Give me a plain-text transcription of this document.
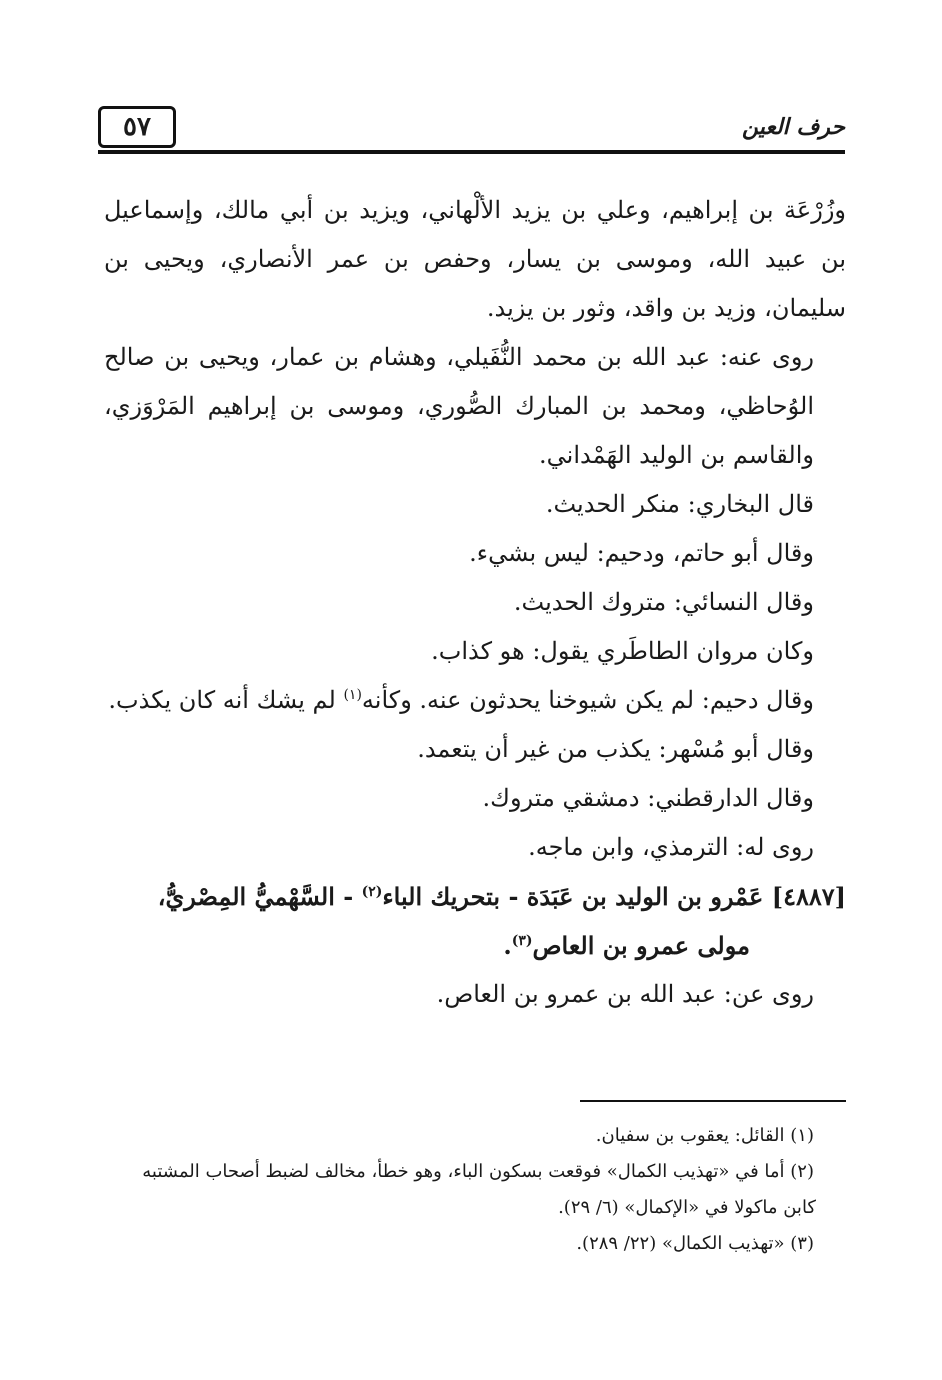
٥٧	حرف العين

وزُرْعَة بن إبراهيم، وعلي بن يزيد الألْهاني، ويزيد بن أبي مالك، وإسماعيل بن عبيد الله، وموسى بن يسار، وحفص بن عمر الأنصاري، ويحيى بن سليمان، وزيد بن واقد، وثور بن يزيد.

روى عنه: عبد الله بن محمد النُّفَيلي، وهشام بن عمار، ويحيى بن صالح الوُحاظي، ومحمد بن المبارك الصُّوري، وموسى بن إبراهيم المَرْوَزي، والقاسم بن الوليد الهَمْداني.

قال البخاري: منكر الحديث.

وقال أبو حاتم، ودحيم: ليس بشيء.

وقال النسائي: متروك الحديث.

وكان مروان الطاطَري يقول: هو كذاب.

وقال دحيم: لم يكن شيوخنا يحدثون عنه. وكأنه$^{(١)}$ لم يشك أنه كان يكذب.

وقال أبو مُسْهر: يكذب من غير أن يتعمد.

وقال الدارقطني: دمشقي متروك.

روى له: الترمذي، وابن ماجه.

[٤٨٨٧] عَمْرو بن الوليد بن عَبَدَة - بتحريك الباء$^{(٢)}$ - السَّهْميُّ المِصْريُّ،
مولى عمرو بن العاص$^{(٣)}$.

روى عن: عبد الله بن عمرو بن العاص.

(١) القائل: يعقوب بن سفيان.

(٢) أما في «تهذيب الكمال» فوقعت بسكون الباء، وهو خطأ، مخالف لضبط أصحاب المشتبه

كابن ماكولا في «الإكمال» (٦/ ٢٩).

(٣) «تهذيب الكمال» (٢٢/ ٢٨٩).
